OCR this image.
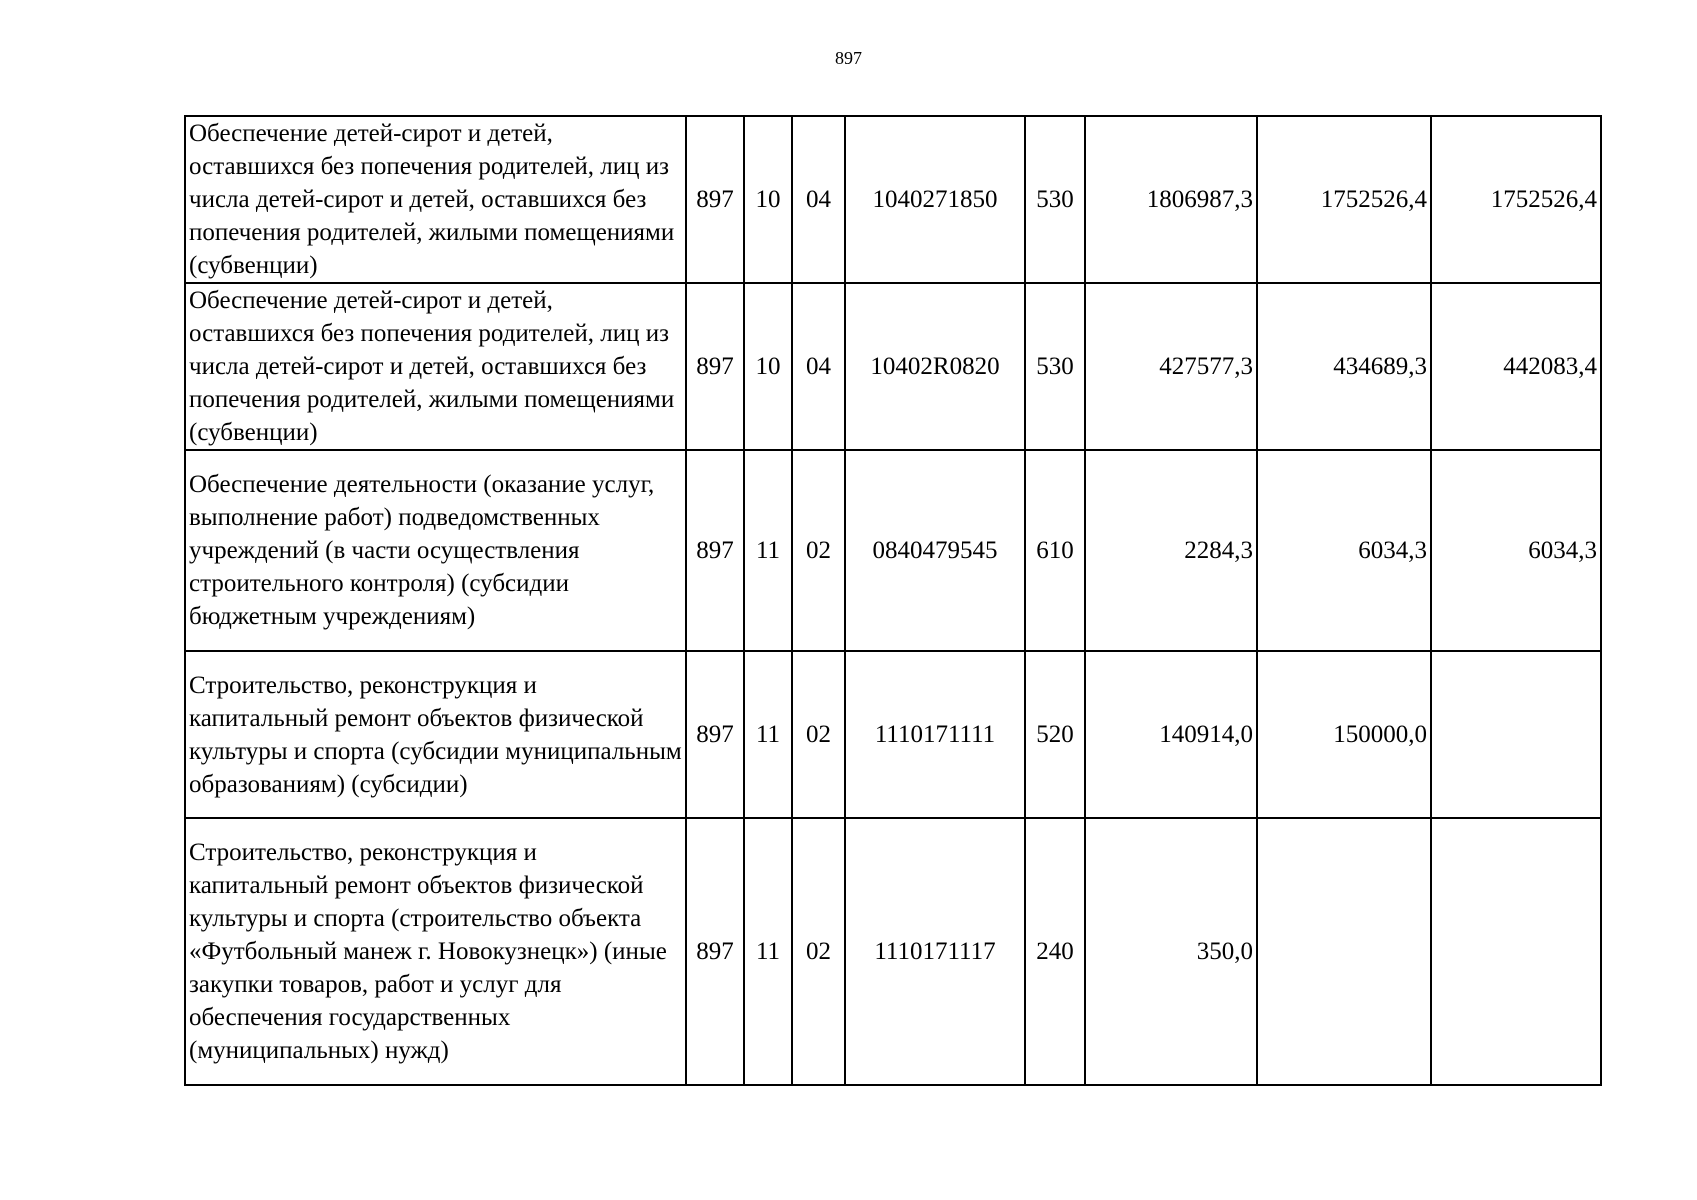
897
Обеспечение детей-сирот и детей, оставшихся без попечения родителей, лиц из числа детей-сирот и детей, оставшихся без попечения родителей, жилыми помещениями (субвенции)	897	10	04	1040271850	530	1806987,3	1752526,4	1752526,4
Обеспечение детей-сирот и детей, оставшихся без попечения родителей, лиц из числа детей-сирот и детей, оставшихся без попечения родителей, жилыми помещениями (субвенции)	897	10	04	10402R0820	530	427577,3	434689,3	442083,4
Обеспечение деятельности (оказание услуг, выполнение работ) подведомственных учреждений (в части осуществления строительного контроля) (субсидии бюджетным учреждениям)	897	11	02	0840479545	610	2284,3	6034,3	6034,3
Строительство, реконструкция и капитальный ремонт объектов физической культуры и спорта (субсидии муниципальным образованиям) (субсидии)	897	11	02	1110171111	520	140914,0	150000,0	
Строительство, реконструкция и капитальный ремонт объектов физической культуры и спорта (строительство объекта «Футбольный манеж г. Новокузнецк») (иные закупки товаров, работ и услуг для обеспечения государственных (муниципальных) нужд)	897	11	02	1110171117	240	350,0		
